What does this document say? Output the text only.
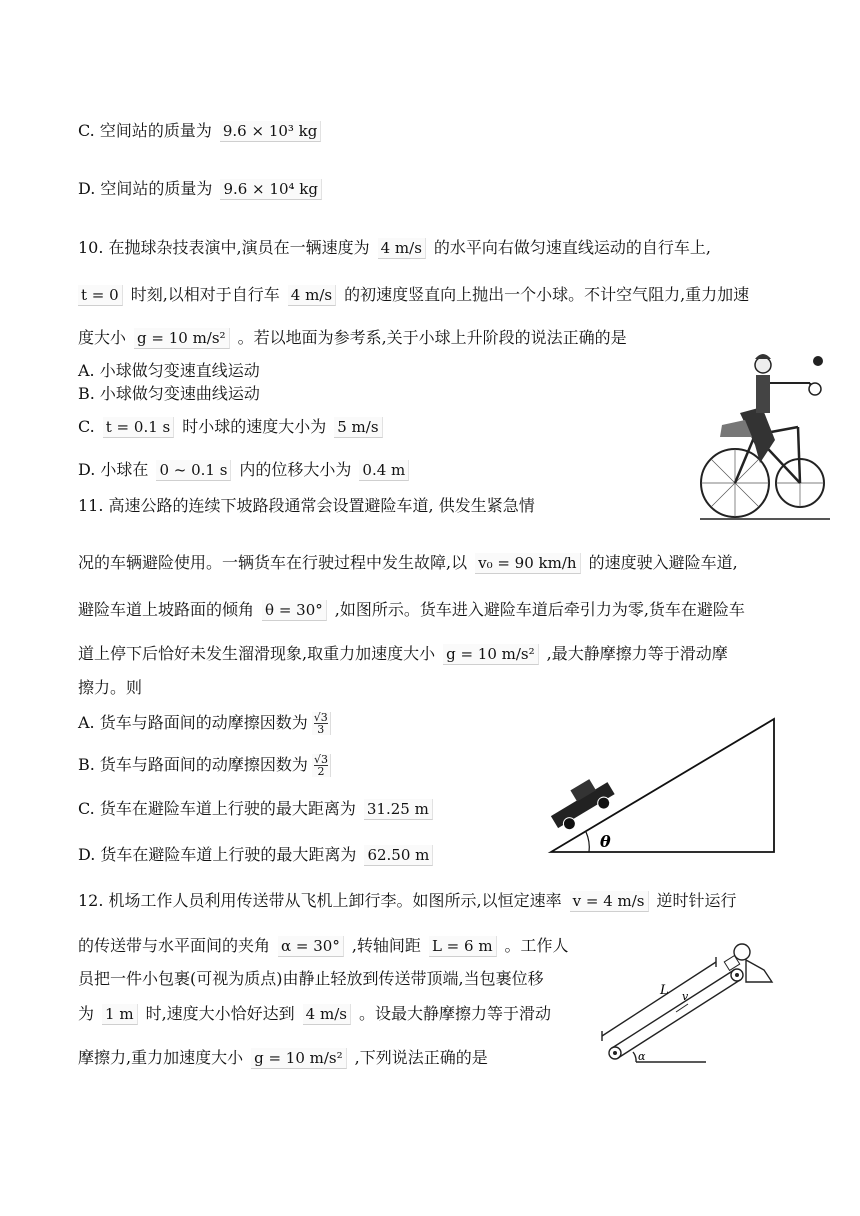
C. 空间站的质量为 9.6 × 10³ kg
D. 空间站的质量为 9.6 × 10⁴ kg
10. 在抛球杂技表演中,演员在一辆速度为 4 m/s 的水平向右做匀速直线运动的自行车上,
t = 0 时刻,以相对于自行车 4 m/s 的初速度竖直向上抛出一个小球。不计空气阻力,重力加速
度大小 g = 10 m/s² 。若以地面为参考系,关于小球上升阶段的说法正确的是
A. 小球做匀变速直线运动
B. 小球做匀变速曲线运动
C. t = 0.1 s 时小球的速度大小为 5 m/s
D. 小球在 0 ~ 0.1 s 内的位移大小为 0.4 m
11. 高速公路的连续下坡路段通常会设置避险车道, 供发生紧急情
况的车辆避险使用。一辆货车在行驶过程中发生故障,以 v₀ = 90 km/h 的速度驶入避险车道,
避险车道上坡路面的倾角 θ = 30° ,如图所示。货车进入避险车道后牵引力为零,货车在避险车
道上停下后恰好未发生溜滑现象,取重力加速度大小 g = 10 m/s² ,最大静摩擦力等于滑动摩
擦力。则
A. 货车与路面间的动摩擦因数为 $\frac{√3}{3}$
B. 货车与路面间的动摩擦因数为 $\frac{√3}{2}$
C. 货车在避险车道上行驶的最大距离为 31.25 m
D. 货车在避险车道上行驶的最大距离为 62.50 m
θ
12. 机场工作人员利用传送带从飞机上卸行李。如图所示,以恒定速率 v = 4 m/s 逆时针运行
的传送带与水平面间的夹角 α = 30° ,转轴间距 L = 6 m 。工作人
员把一件小包裹(可视为质点)由静止轻放到传送带顶端,当包裹位移
为 1 m 时,速度大小恰好达到 4 m/s 。设最大静摩擦力等于滑动
摩擦力,重力加速度大小 g = 10 m/s² ,下列说法正确的是
L v
α
